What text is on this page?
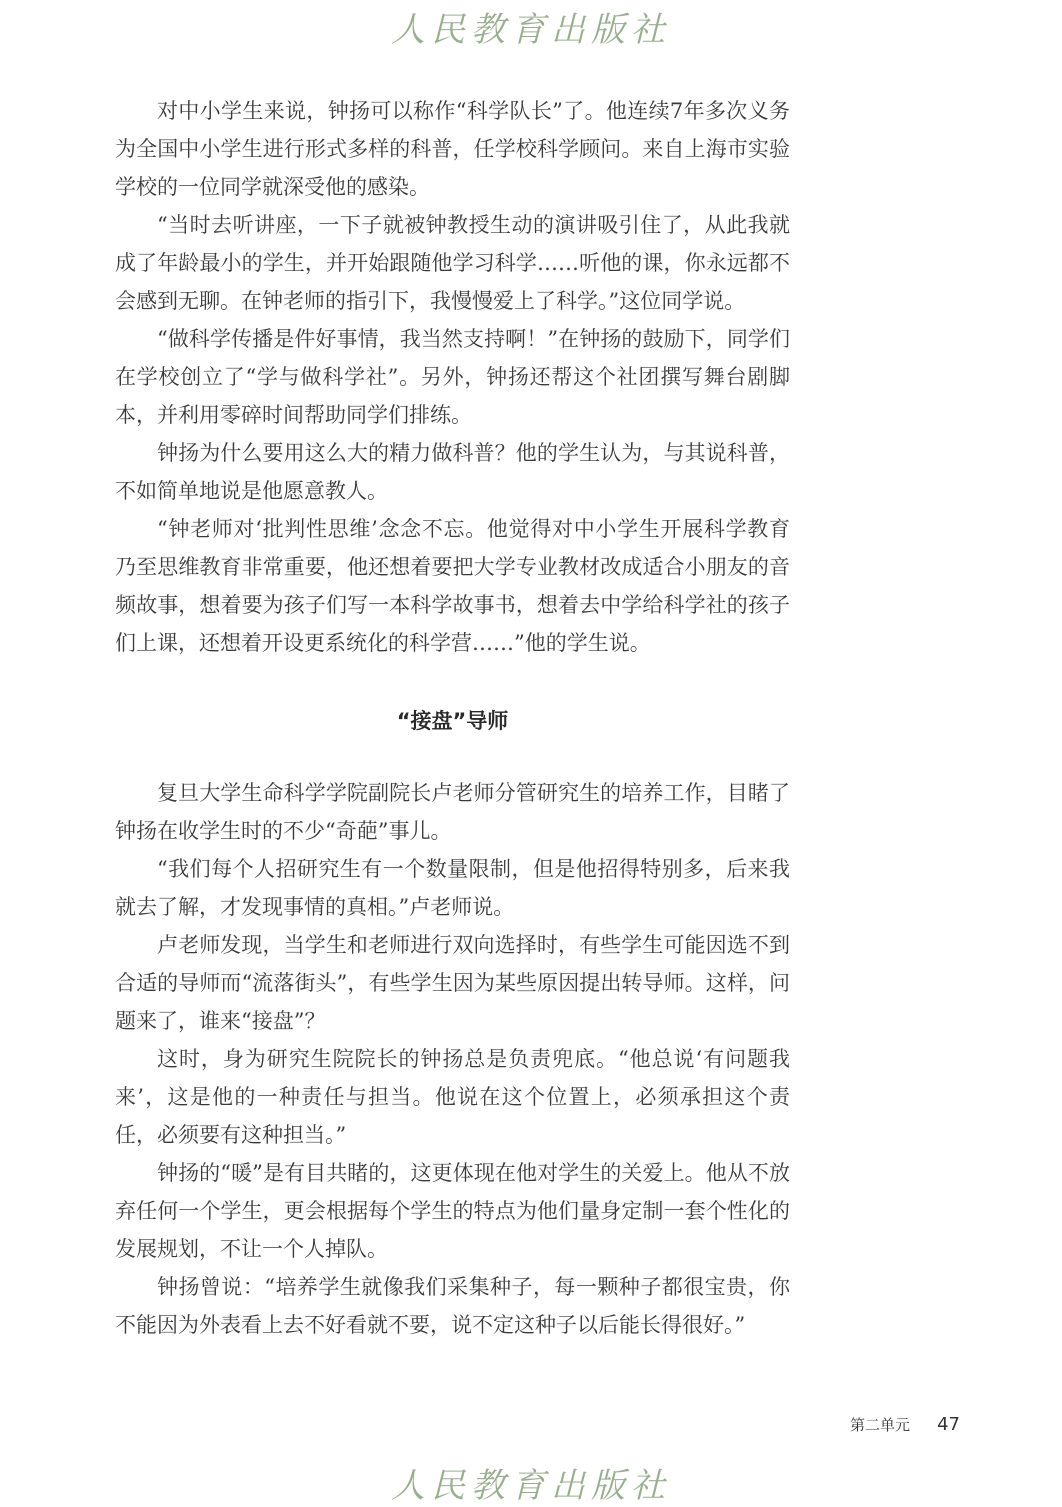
人民教育出版社

对中小学生来说，钟扬可以称作“科学队长”了。他连续7年多次义务为全国中小学生进行形式多样的科普，任学校科学顾问。来自上海市实验学校的一位同学就深受他的感染。

“当时去听讲座，一下子就被钟教授生动的演讲吸引住了，从此我就成了年龄最小的学生，并开始跟随他学习科学……听他的课，你永远都不会感到无聊。在钟老师的指引下，我慢慢爱上了科学。”这位同学说。

“做科学传播是件好事情，我当然支持啊！”在钟扬的鼓励下，同学们在学校创立了“学与做科学社”。另外，钟扬还帮这个社团撰写舞台剧脚本，并利用零碎时间帮助同学们排练。

钟扬为什么要用这么大的精力做科普？他的学生认为，与其说科普，不如简单地说是他愿意教人。

“钟老师对‘批判性思维’念念不忘。他觉得对中小学生开展科学教育乃至思维教育非常重要，他还想着要把大学专业教材改成适合小朋友的音频故事，想着要为孩子们写一本科学故事书，想着去中学给科学社的孩子们上课，还想着开设更系统化的科学营……”他的学生说。

“接盘”导师

复旦大学生命科学学院副院长卢老师分管研究生的培养工作，目睹了钟扬在收学生时的不少“奇葩”事儿。

“我们每个人招研究生有一个数量限制，但是他招得特别多，后来我就去了解，才发现事情的真相。”卢老师说。

卢老师发现，当学生和老师进行双向选择时，有些学生可能因选不到合适的导师而“流落街头”，有些学生因为某些原因提出转导师。这样，问题来了，谁来“接盘”？

这时，身为研究生院院长的钟扬总是负责兜底。“他总说‘有问题我来’，这是他的一种责任与担当。他说在这个位置上，必须承担这个责任，必须要有这种担当。”

钟扬的“暖”是有目共睹的，这更体现在他对学生的关爱上。他从不放弃任何一个学生，更会根据每个学生的特点为他们量身定制一套个性化的发展规划，不让一个人掉队。

钟扬曾说：“培养学生就像我们采集种子，每一颗种子都很宝贵，你不能因为外表看上去不好看就不要，说不定这种子以后能长得很好。”

第二单元 47
人民教育出版社
